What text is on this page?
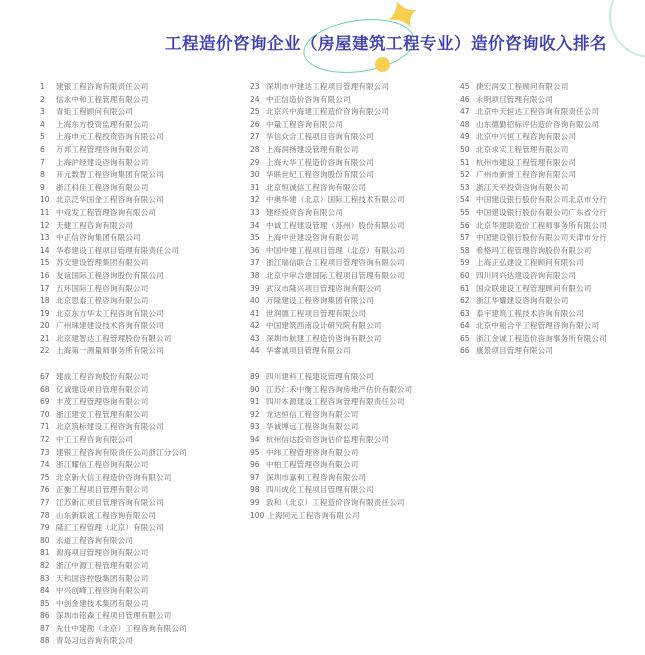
工程造价咨询企业（房屋建筑工程专业）造价咨询收入排名
1 $^{建银工程咨询有限责任公司}$
2 $^{信永中和工程管理有限公司}$
3 $^{青矩工程顾问有限公司}$
4 $^{上海东方投资监理有限公司}$
5 $^{上海申元工程投资咨询有限公司}$
6 $^{万邦工程管理咨询有限公司}$
7 $^{上海沪经建设咨询有限公司}$
8 $^{开元数智工程咨询集团有限公司}$
9 $^{浙江科佳工程咨询有限公司}$
10 $^{北京泛华国金工程咨询有限公司}$
11 $^{中竞发工程管理咨询有限公司}$
12 $^{天健工程咨询有限公司}$
13 $^{中正信咨询集团有限公司}$
14 $^{华春建设工程项目管理有限责任公司}$
15 $^{苏安建设管理集团有限公司}$
16 $^{友谊国际工程咨询股份有限公司}$
17 $^{五环国际工程咨询有限公司}$
18 $^{北京思泰工程咨询有限公司}$
19 $^{北京东方华太工程咨询有限公司}$
20 $^{广州珠建建设技术咨询有限公司}$
21 $^{北京建智达工程管理股份有限公司}$
22 $^{上海第一测量师事务所有限公司}$
23 $^{深圳市中建达工程项目管理有限公司}$
24 $^{中正信造价咨询有限公司}$
25 $^{北京兴中海建工程造价咨询有限公司}$
26 $^{中量工程咨询有限公司}$
27 $^{华信众合工程项目咨询有限公司}$
28 $^{上海润扬建设管理有限公司}$
29 $^{上海大华工程造价咨询有限公司}$
30 $^{华联世纪工程咨询股份有限公司}$
31 $^{北京恒诚信工程咨询有限公司}$
32 $^{中奥华建(北京)国际工程技术有限公司}$
33 $^{建经投资咨询有限公司}$
34 $^{中诚工程建设管理(苏州)股份有限公司}$
35 $^{上海中世建设咨询有限公司}$
36 $^{中国中建工程项目管理(北京)有限公司}$
37 $^{浙江瑞信联合工程项目管理咨询有限公司}$
38 $^{北京中审合建国际工程项目管理有限公司}$
39 $^{武汉市隆兴项目管理咨询有限公司}$
40 $^{万隆建设工程咨询集团有限公司}$
41 $^{世润德工程项目管理有限公司}$
42 $^{中国建筑西南设计研究院有限公司}$
43 $^{深圳市航建工程造价咨询有限公司}$
44 $^{华睿诚项目管理有限公司}$
45 $^{捷宏润安工程顾问有限公司}$
46 $^{永明项目管理有限公司}$
47 $^{北京中天恒达工程咨询有限责任公司}$
48 $^{山东德勤招标评估造价咨询有限公司}$
49 $^{北京中兴恒工程咨询有限公司}$
50 $^{北京求实工程管理有限公司}$
51 $^{杭州市建设工程管理有限公司}$
52 $^{广州市新誉工程咨询有限公司}$
53 $^{浙江天平投资咨询有限公司}$
54 $^{中国建设银行股份有限公司北京市分行}$
55 $^{中国建设银行股份有限公司广东省分行}$
56 $^{北京华建联造价工程师事务所有限公司}$
57 $^{中国建设银行股份有限公司天津市分行}$
58 $^{希格玛工程管理咨询股份有限公司}$
59 $^{上海正弘建设工程顾问有限公司}$
60 $^{四川同兴达建设咨询有限公司}$
61 $^{国众联建设工程管理顾问有限公司}$
62 $^{浙江华耀建设咨询有限公司}$
63 $^{泰宇建筑工程技术咨询有限公司}$
64 $^{北京中船合平工程管理咨询有限公司}$
65 $^{浙江金诚工程造价咨询事务所有限公司}$
66 $^{康景项目管理有限公司}$
67 $^{建成工程咨询股份有限公司}$
68 $^{亿诚建设项目管理有限公司}$
69 $^{丰茂工程管理咨询有限公司}$
70 $^{浙江建安工程管理有限公司}$
71 $^{北京筑标建设工程咨询有限公司}$
72 $^{中工工程咨询有限公司}$
73 $^{建银工程咨询有限责任公司浙江分公司}$
74 $^{浙江耀信工程咨询有限公司}$
75 $^{北京新大信工程造价咨询有限公司}$
76 $^{正衡工程项目管理有限公司}$
77 $^{江苏新汇项目管理咨询有限公司}$
78 $^{山东新联谊工程咨询有限公司}$
79 $^{隆汇工程管理(北京)有限公司}$
80 $^{永道工程咨询有限公司}$
81 $^{源海项目管理咨询有限公司}$
82 $^{浙江中源工程管理有限公司}$
83 $^{天和国咨控股集团有限公司}$
84 $^{中兴创峰工程咨询有限公司}$
85 $^{中创金建技术集团有限公司}$
86 $^{深圳市铭森工程项目管理有限公司}$
87 $^{先仕中建勘(北京)工程咨询有限公司}$
88 $^{青岛习远咨询有限公司}$
89 $^{四川建科工程建设管理有限公司}$
90 $^{江苏仁禾中衡工程咨询房地产估价有限公司}$
91 $^{四川本源建设工程咨询管理有限责任公司}$
92 $^{龙达恒信工程咨询有限公司}$
93 $^{华诚博远工程咨询有限公司}$
94 $^{杭州信达投资咨询估价监理有限公司}$
95 $^{中纬工程管理咨询有限公司}$
96 $^{中柏工程管理咨询有限公司}$
97 $^{深圳市嘉利工程咨询有限公司}$
98 $^{四川成化工程项目管理有限公司}$
99 $^{敦和(北京)工程造价咨询有限责任公司}$
100 $^{上海同元工程咨询有限公司}$
